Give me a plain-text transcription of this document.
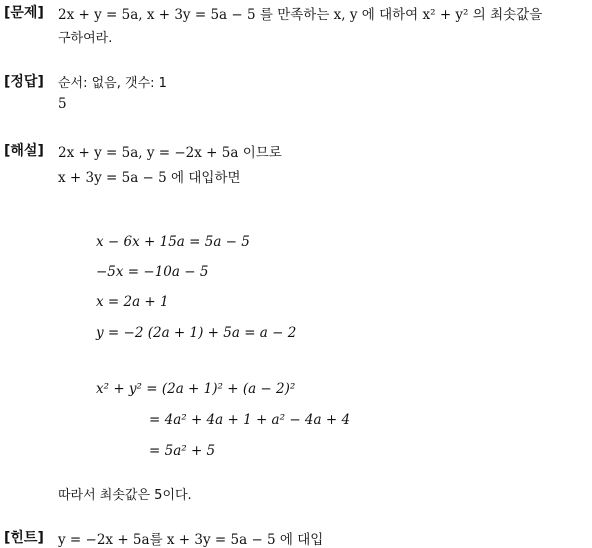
[문제] 2x + y = 5a, x + 3y = 5a − 5 를 만족하는 x, y 에 대하여 x² + y² 의 최솟값을
구하여라.
[정답] 순서: 없음, 갯수: 1
5
[해설] 2x + y = 5a, y = −2x + 5a 이므로
x + 3y = 5a − 5 에 대입하면
x − 6x + 15a = 5a − 5
−5x = −10a − 5
x = 2a + 1
y = −2 (2a + 1) + 5a = a − 2
x² + y² = (2a + 1)² + (a − 2)²
= 4a² + 4a + 1 + a² − 4a + 4
= 5a² + 5
따라서 최솟값은 5이다.
[힌트] y = −2x + 5a를 x + 3y = 5a − 5 에 대입
